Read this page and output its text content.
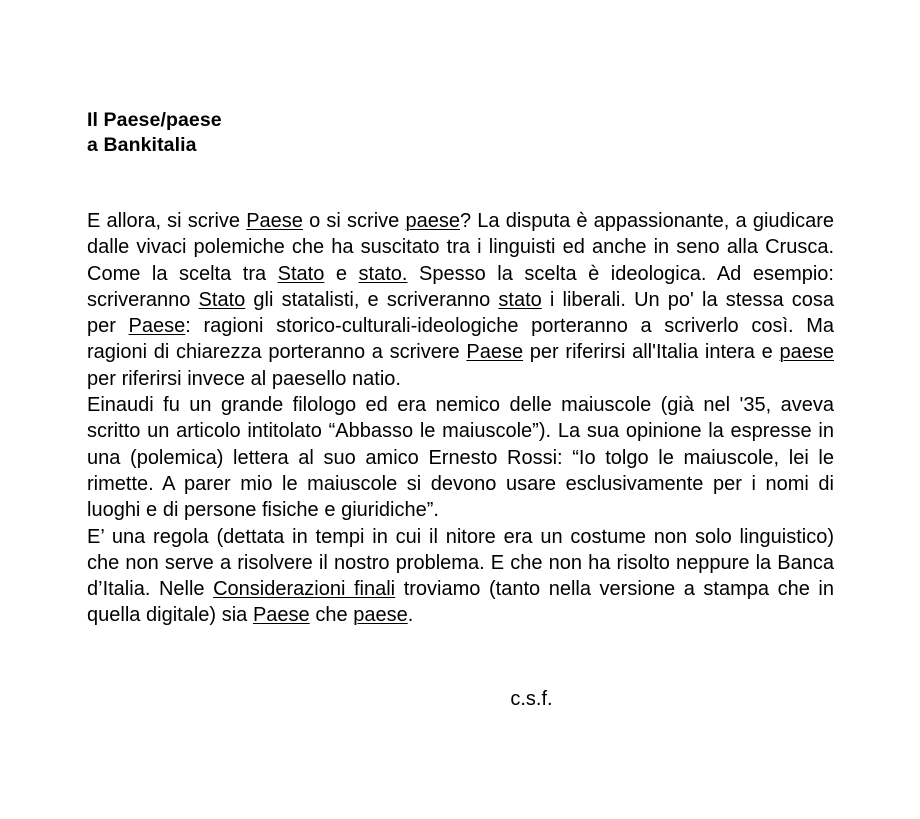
Il Paese/paese
a Bankitalia

E allora, si scrive Paese o si scrive paese? La disputa è appassionante, a giudicare dalle vivaci polemiche che ha suscitato tra i linguisti ed anche in seno alla Crusca. Come la scelta tra Stato e stato. Spesso la scelta è ideologica. Ad esempio: scriveranno Stato gli statalisti, e scriveranno stato i liberali. Un po' la stessa cosa per Paese: ragioni storico-culturali-ideologiche porteranno a scriverlo così. Ma ragioni di chiarezza porteranno a scrivere Paese per riferirsi all'Italia intera e paese per riferirsi invece al paesello natio.

Einaudi fu un grande filologo ed era nemico delle maiuscole (già nel '35, aveva scritto un articolo intitolato “Abbasso le maiuscole”). La sua opinione la espresse in una (polemica) lettera al suo amico Ernesto Rossi: “Io tolgo le maiuscole, lei le rimette. A parer mio le maiuscole si devono usare esclusivamente per i nomi di luoghi e di persone fisiche e giuridiche”.

E’ una regola (dettata in tempi in cui il nitore era un costume non solo linguistico) che non serve a risolvere il nostro problema. E che non ha risolto neppure la Banca d’Italia. Nelle Considerazioni finali troviamo (tanto nella versione a stampa che in quella digitale) sia Paese che paese.

c.s.f.
